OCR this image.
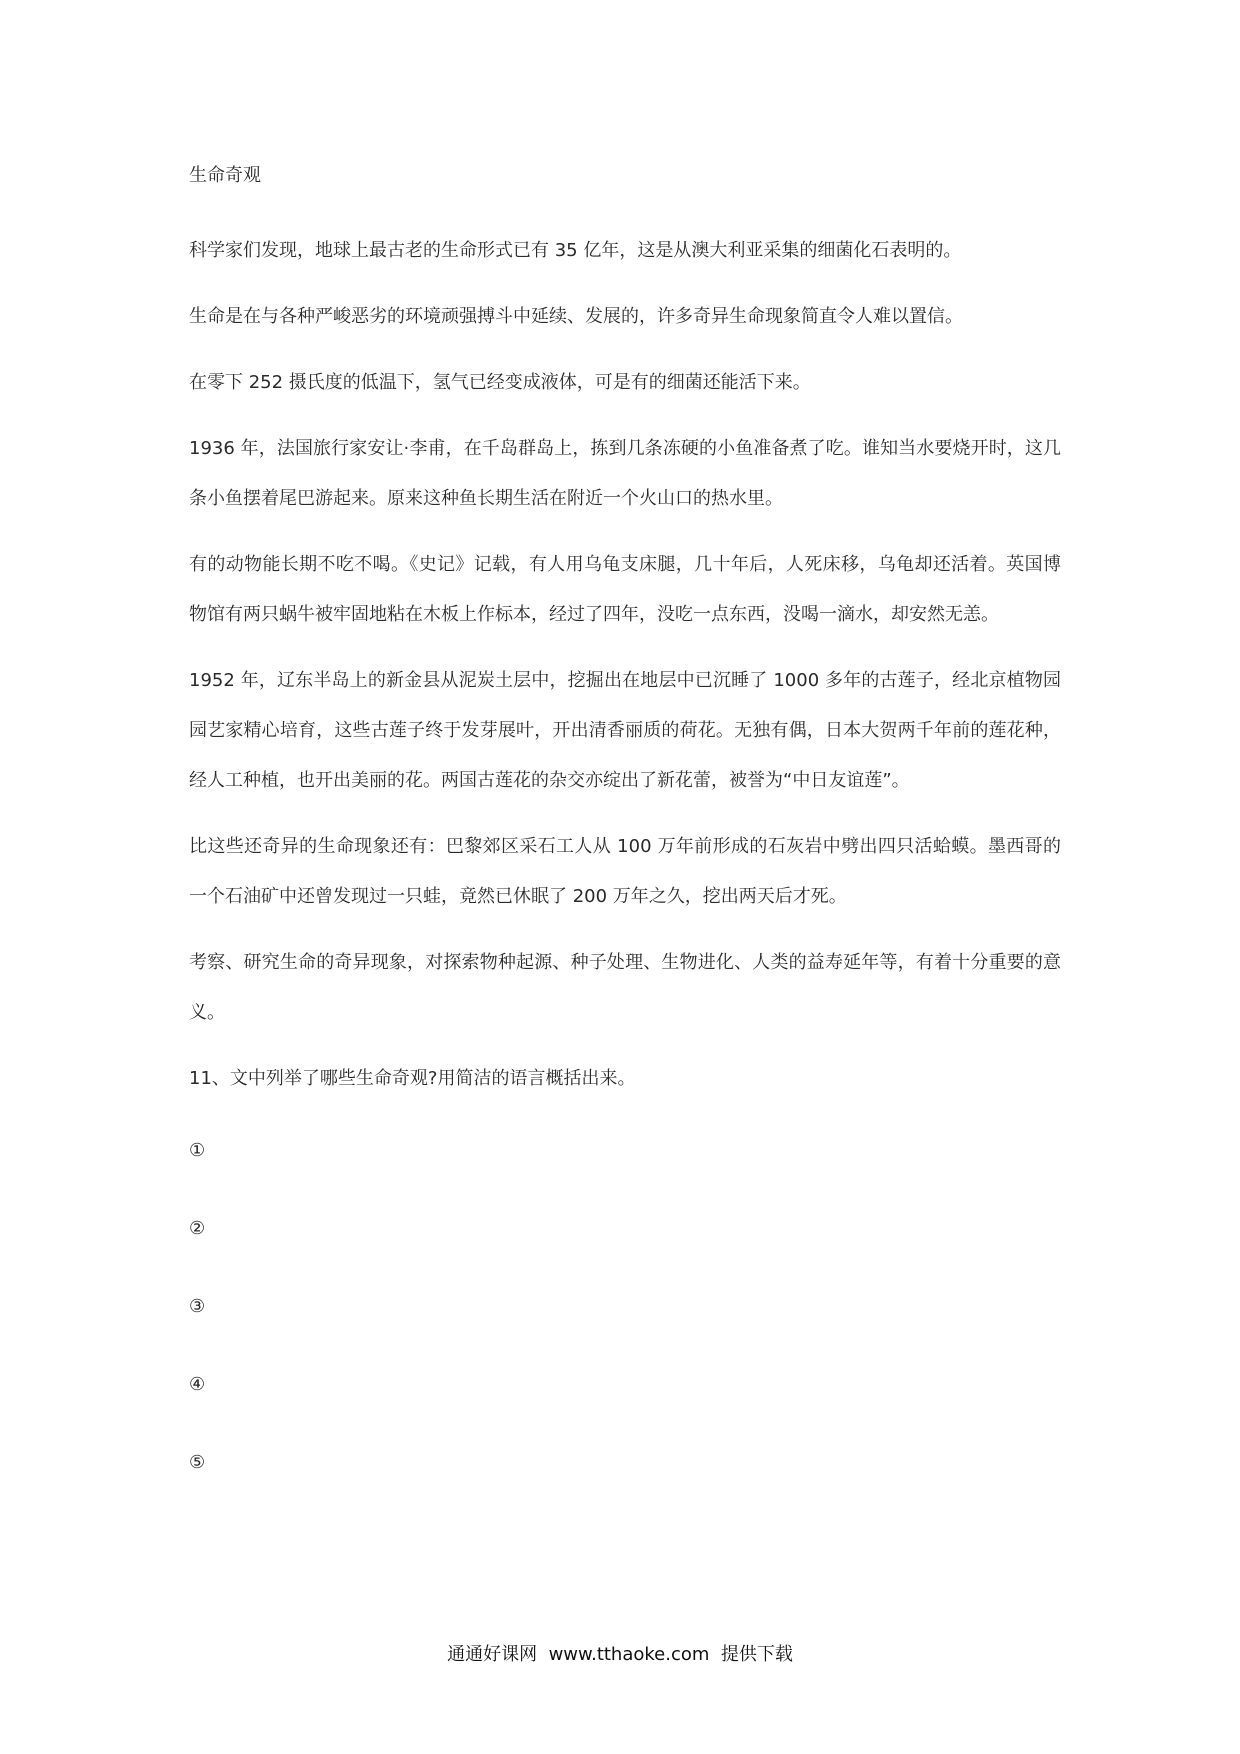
生命奇观

科学家们发现，地球上最古老的生命形式已有 35 亿年，这是从澳大利亚采集的细菌化石表明的。

生命是在与各种严峻恶劣的环境顽强搏斗中延续、发展的，许多奇异生命现象简直令人难以置信。

在零下 252 摄氏度的低温下，氢气已经变成液体，可是有的细菌还能活下来。

1936 年，法国旅行家安让·李甫，在千岛群岛上，拣到几条冻硬的小鱼准备煮了吃。谁知当水要烧开时，这几条小鱼摆着尾巴游起来。原来这种鱼长期生活在附近一个火山口的热水里。

有的动物能长期不吃不喝。《史记》记载，有人用乌龟支床腿，几十年后，人死床移，乌龟却还活着。英国博物馆有两只蜗牛被牢固地粘在木板上作标本，经过了四年，没吃一点东西，没喝一滴水，却安然无恙。

1952 年，辽东半岛上的新金县从泥炭土层中，挖掘出在地层中已沉睡了 1000 多年的古莲子，经北京植物园园艺家精心培育，这些古莲子终于发芽展叶，开出清香丽质的荷花。无独有偶，日本大贺两千年前的莲花种，经人工种植，也开出美丽的花。两国古莲花的杂交亦绽出了新花蕾，被誉为“中日友谊莲”。

比这些还奇异的生命现象还有：巴黎郊区采石工人从 100 万年前形成的石灰岩中劈出四只活蛤蟆。墨西哥的一个石油矿中还曾发现过一只蛙，竟然已休眠了 200 万年之久，挖出两天后才死。

考察、研究生命的奇异现象，对探索物种起源、种子处理、生物进化、人类的益寿延年等，有着十分重要的意义。

11、文中列举了哪些生命奇观?用简洁的语言概括出来。
①
②
③
④
⑤
通通好课网  www.tthaoke.com  提供下载
